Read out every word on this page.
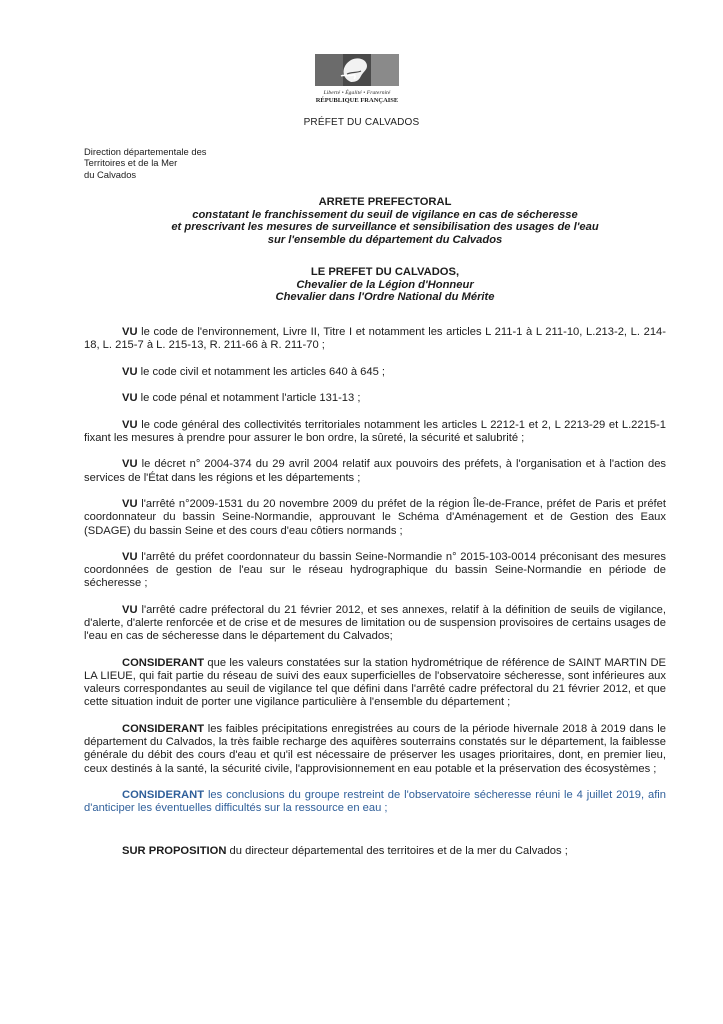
Liberté • Égalité • Fraternité
RÉPUBLIQUE FRANÇAISE
PRÉFET DU CALVADOS
Direction départementale des
Territoires et de la Mer
du Calvados
ARRETE PREFECTORAL
constatant le franchissement du seuil de vigilance en cas de sécheresse
et prescrivant les mesures de surveillance et sensibilisation des usages de l'eau
sur l'ensemble du département du Calvados
LE PREFET DU CALVADOS,
Chevalier de la Légion d'Honneur
Chevalier dans l'Ordre National du Mérite

VU le code de l'environnement, Livre II, Titre I et notamment les articles L 211-1 à L 211-10, L.213-2, L. 214-18, L. 215-7 à L. 215-13, R. 211-66 à R. 211-70 ;

VU le code civil et notamment les articles 640 à 645 ;

VU le code pénal et notamment l'article 131-13 ;

VU le code général des collectivités territoriales notamment les articles L 2212-1 et 2, L 2213-29 et L.2215-1 fixant les mesures à prendre pour assurer le bon ordre, la sûreté, la sécurité et salubrité ;

VU le décret n° 2004-374 du 29 avril 2004 relatif aux pouvoirs des préfets, à l'organisation et à l'action des services de l'État dans les régions et les départements ;

VU l'arrêté n°2009-1531 du 20 novembre 2009 du préfet de la région Île-de-France, préfet de Paris et préfet coordonnateur du bassin Seine-Normandie, approuvant le Schéma d'Aménagement et de Gestion des Eaux (SDAGE) du bassin Seine et des cours d'eau côtiers normands ;

VU l'arrêté du préfet coordonnateur du bassin Seine-Normandie n° 2015-103-0014 préconisant des mesures coordonnées de gestion de l'eau sur le réseau hydrographique du bassin Seine-Normandie en période de sécheresse ;

VU l'arrêté cadre préfectoral du 21 février 2012, et ses annexes, relatif à la définition de seuils de vigilance, d'alerte, d'alerte renforcée et de crise et de mesures de limitation ou de suspension provisoires de certains usages de l'eau en cas de sécheresse dans le département du Calvados;

CONSIDERANT que les valeurs constatées sur la station hydrométrique de référence de SAINT MARTIN DE LA LIEUE, qui fait partie du réseau de suivi des eaux superficielles de l'observatoire sécheresse, sont inférieures aux valeurs correspondantes au seuil de vigilance tel que défini dans l'arrêté cadre préfectoral du 21 février 2012, et que cette situation induit de porter une vigilance particulière à l'ensemble du département ;

CONSIDERANT les faibles précipitations enregistrées au cours de la période hivernale 2018 à 2019 dans le département du Calvados, la très faible recharge des aquifères souterrains constatés sur le département, la faiblesse générale du débit des cours d'eau et qu'il est nécessaire de préserver les usages prioritaires, dont, en premier lieu, ceux destinés à la santé, la sécurité civile, l'approvisionnement en eau potable et la préservation des écosystèmes ;

CONSIDERANT les conclusions du groupe restreint de l'observatoire sécheresse réuni le 4 juillet 2019, afin d'anticiper les éventuelles difficultés sur la ressource en eau ;

SUR PROPOSITION du directeur départemental des territoires et de la mer du Calvados ;
